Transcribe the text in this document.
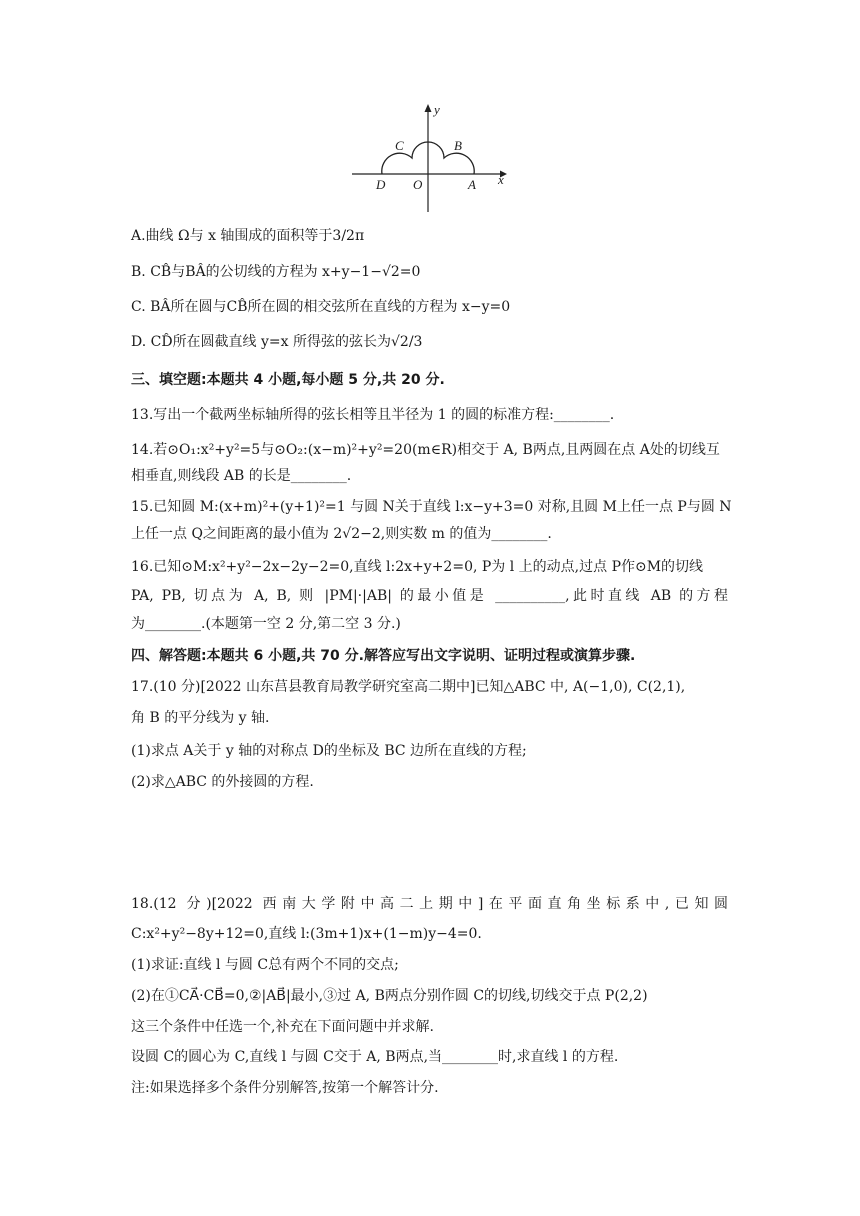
y
x
O
D	A
C	B
A.曲线 Ω与 x 轴围成的面积等于3/2π
B. CB̂与BÂ的公切线的方程为 x+y−1−√2=0
C. BÂ所在圆与CB̂所在圆的相交弦所在直线的方程为 x−y=0
D. CD̂所在圆截直线 y=x 所得弦的弦长为√2/3
三、填空题:本题共 4 小题,每小题 5 分,共 20 分.
13.写出一个截两坐标轴所得的弦长相等且半径为 1 的圆的标准方程:________.
14.若⊙O₁:x²+y²=5与⊙O₂:(x−m)²+y²=20(m∈R)相交于 A, B两点,且两圆在点 A处的切线互
相垂直,则线段 AB 的长是________.
15.已知圆 M:(x+m)²+(y+1)²=1 与圆 N关于直线 l:x−y+3=0 对称,且圆 M上任一点 P与圆 N
上任一点 Q之间距离的最小值为 2√2−2,则实数 m 的值为________.
16.已知⊙M:x²+y²−2x−2y−2=0,直线 l:2x+y+2=0, P为 l 上的动点,过点 P作⊙M的切线
PA, PB, 切点为 A, B, 则 |PM|·|AB| 的最小值是 __________,此时直线 AB 的方程
为________.(本题第一空 2 分,第二空 3 分.)
四、解答题:本题共 6 小题,共 70 分.解答应写出文字说明、证明过程或演算步骤.
17.(10 分)[2022 山东莒县教育局教学研究室高二期中]已知△ABC 中, A(−1,0), C(2,1),
角 B 的平分线为 y 轴.
(1)求点 A关于 y 轴的对称点 D的坐标及 BC 边所在直线的方程;
(2)求△ABC 的外接圆的方程.
18.(12 分)[2022 西南大学附中高二上期中]在平面直角坐标系中,已知圆
C:x²+y²−8y+12=0,直线 l:(3m+1)x+(1−m)y−4=0.
(1)求证:直线 l 与圆 C总有两个不同的交点;
(2)在①CA⃗·CB⃗=0,②|AB⃗|最小,③过 A, B两点分别作圆 C的切线,切线交于点 P(2,2)
这三个条件中任选一个,补充在下面问题中并求解.
设圆 C的圆心为 C,直线 l 与圆 C交于 A, B两点,当________时,求直线 l 的方程.
注:如果选择多个条件分别解答,按第一个解答计分.
